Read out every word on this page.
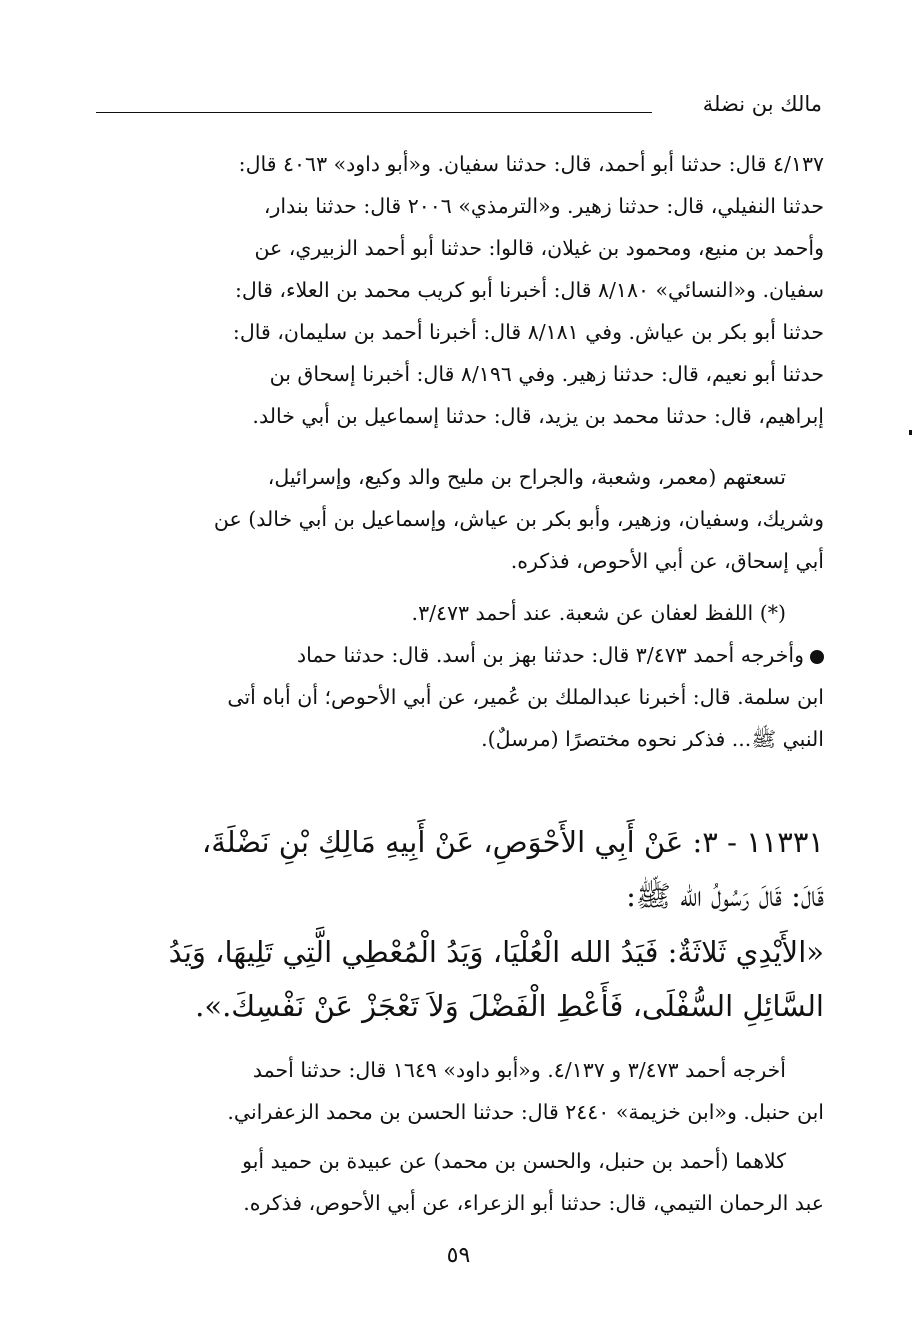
مالك بن نضلة

٤/١٣٧ قال: حدثنا أبو أحمد، قال: حدثنا سفيان. و«أبو داود» ٤٠٦٣ قال:

حدثنا النفيلي، قال: حدثنا زهير. و«الترمذي» ٢٠٠٦ قال: حدثنا بندار،

وأحمد بن منيع، ومحمود بن غيلان، قالوا: حدثنا أبو أحمد الزبيري، عن

سفيان. و«النسائي» ٨/١٨٠ قال: أخبرنا أبو كريب محمد بن العلاء، قال:

حدثنا أبو بكر بن عياش. وفي ٨/١٨١ قال: أخبرنا أحمد بن سليمان، قال:

حدثنا أبو نعيم، قال: حدثنا زهير. وفي ٨/١٩٦ قال: أخبرنا إسحاق بن

إبراهيم، قال: حدثنا محمد بن يزيد، قال: حدثنا إسماعيل بن أبي خالد.

تسعتهم (معمر، وشعبة، والجراح بن مليح والد وكيع، وإسرائيل،

وشريك، وسفيان، وزهير، وأبو بكر بن عياش، وإسماعيل بن أبي خالد) عن

أبي إسحاق، عن أبي الأحوص، فذكره.

(*) اللفظ لعفان عن شعبة. عند أحمد ٣/٤٧٣.

وأخرجه أحمد ٣/٤٧٣ قال: حدثنا بهز بن أسد. قال: حدثنا حماد

ابن سلمة. قال: أخبرنا عبدالملك بن عُمير، عن أبي الأحوص؛ أن أباه أتى

النبي ﷺ... فذكر نحوه مختصرًا (مرسلٌ).

١١٣٣١ - ٣: عَنْ أَبِي الأَحْوَصِ، عَنْ أَبِيهِ مَالِكِ بْنِ نَضْلَةَ،

قَالَ: قَالَ رَسُولُ الله ﷺ:

«الأَيْدِي ثَلاثَةٌ: فَيَدُ الله الْعُلْيَا، وَيَدُ الْمُعْطِي الَّتِي تَلِيهَا، وَيَدُ

السَّائِلِ السُّفْلَى، فَأَعْطِ الْفَضْلَ وَلاَ تَعْجَزْ عَنْ نَفْسِكَ.».

أخرجه أحمد ٣/٤٧٣ و ٤/١٣٧. و«أبو داود» ١٦٤٩ قال: حدثنا أحمد

ابن حنبل. و«ابن خزيمة» ٢٤٤٠ قال: حدثنا الحسن بن محمد الزعفراني.

كلاهما (أحمد بن حنبل، والحسن بن محمد) عن عبيدة بن حميد أبو

عبد الرحمان التيمي، قال: حدثنا أبو الزعراء، عن أبي الأحوص، فذكره.

٥٩
